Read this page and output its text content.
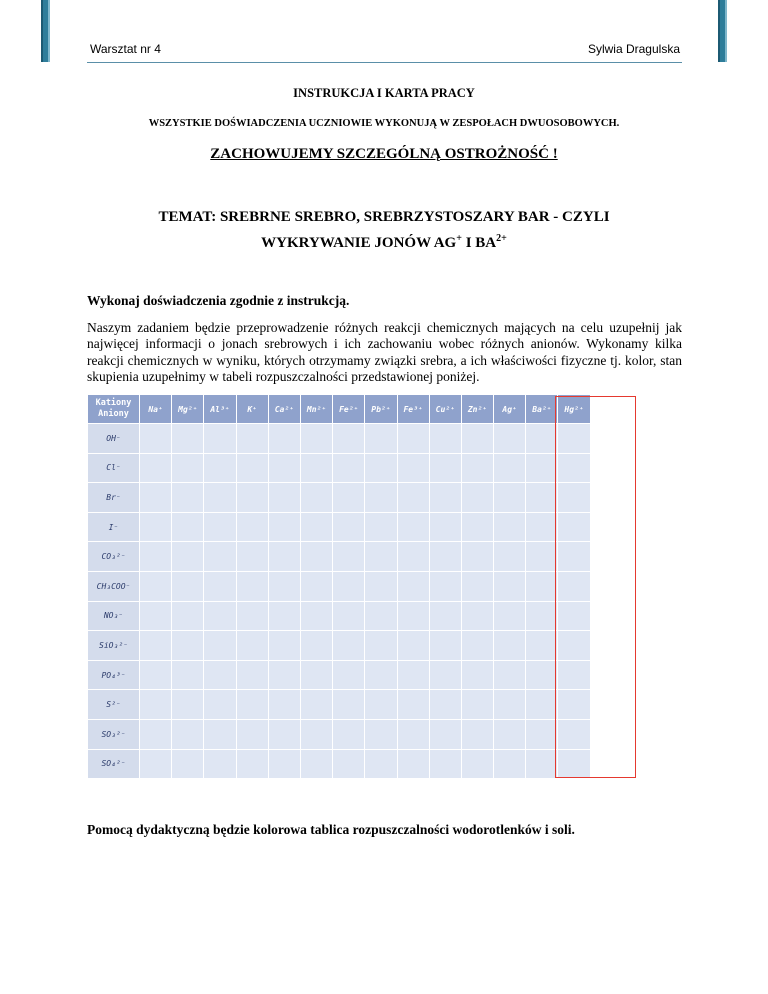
Warsztat nr 4	Sylwia Dragulska
INSTRUKCJA I KARTA PRACY
WSZYSTKIE DOŚWIADCZENIA UCZNIOWIE WYKONUJĄ W ZESPOŁACH DWUOSOBOWYCH.
ZACHOWUJEMY SZCZEGÓLNĄ OSTROŻNOŚĆ !
TEMAT: SREBRNE SREBRO, SREBRZYSTOSZARY BAR - CZYLI
WYKRYWANIE JONÓW AG+ I $BA^{2+}$
Wykonaj doświadczenia zgodnie z instrukcją.
Naszym zadaniem będzie przeprowadzenie różnych reakcji chemicznych mających na celu uzupełnij jak najwięcej informacji o jonach srebrowych i ich zachowaniu wobec różnych anionów. Wykonamy kilka reakcji chemicznych w wyniku, których otrzymamy związki srebra, a ich właściwości fizyczne tj. kolor, stan skupienia uzupełnimy w tabeli rozpuszczalności przedstawionej poniżej.
Kationy
Aniony	Na⁺	Mg²⁺	Al³⁺	K⁺	Ca²⁺	Mn²⁺	Fe²⁺	Pb²⁺	Fe³⁺	Cu²⁺	Zn²⁺	Ag⁺	Ba²⁺	Hg²⁺
OH⁻														
Cl⁻														
Br⁻														
I⁻														
CO₃²⁻														
CH₃COO⁻														
NO₃⁻														
SiO₃²⁻														
PO₄³⁻														
S²⁻														
SO₃²⁻														
SO₄²⁻														
Pomocą dydaktyczną będzie kolorowa tablica rozpuszczalności wodorotlenków i soli.
